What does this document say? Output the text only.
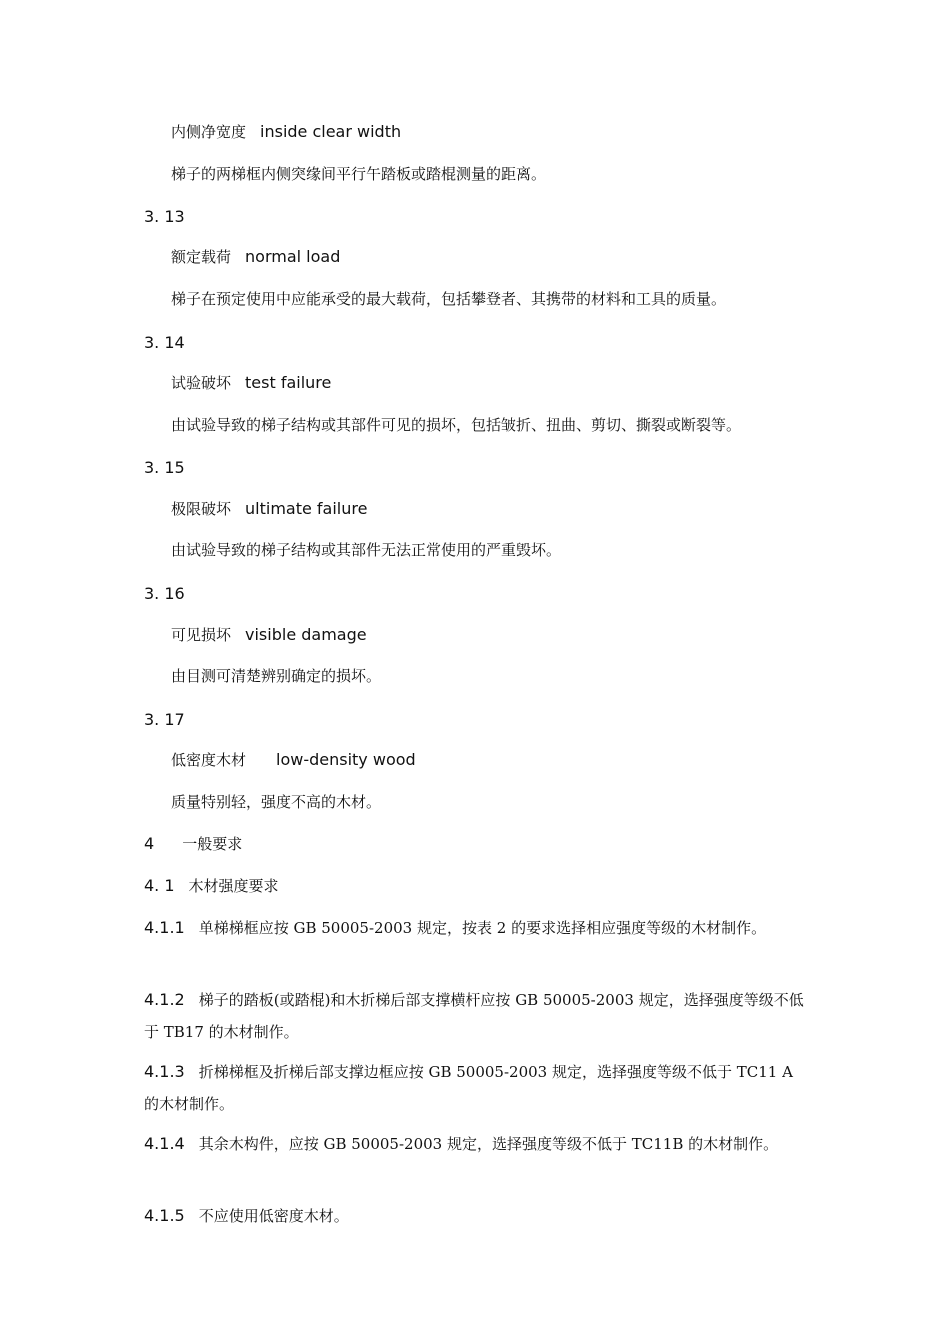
内侧净宽度 inside clear width
梯子的两梯框内侧突缘间平行午踏板或踏棍测量的距离。
3. 13
额定载荷 normal load
梯子在预定使用中应能承受的最大载荷，包括攀登者、其携带的材料和工具的质量。
3. 14
试验破坏 test failure
由试验导致的梯子结构或其部件可见的损坏，包括皱折、扭曲、剪切、撕裂或断裂等。
3. 15
极限破坏 ultimate failure
由试验导致的梯子结构或其部件无法正常使用的严重毁坏。
3. 16
可见损坏 visible damage
由目测可清楚辨别确定的损坏。
3. 17
低密度木材 low-density wood
质量特别轻，强度不高的木材。
4 一般要求
4. 1 木材强度要求
4.1.1 单梯梯框应按 GB 50005-2003 规定，按表 2 的要求选择相应强度等级的木材制作。
4.1.2 梯子的踏板(或踏棍)和木折梯后部支撑横杆应按 GB 50005-2003 规定，选择强度等级不低于 TB17 的木材制作。
4.1.3 折梯梯框及折梯后部支撑边框应按 GB 50005-2003 规定，选择强度等级不低于 TC11 A 的木材制作。
4.1.4 其余木构件，应按 GB 50005-2003 规定，选择强度等级不低于 TC11B 的木材制作。
4.1.5 不应使用低密度木材。
